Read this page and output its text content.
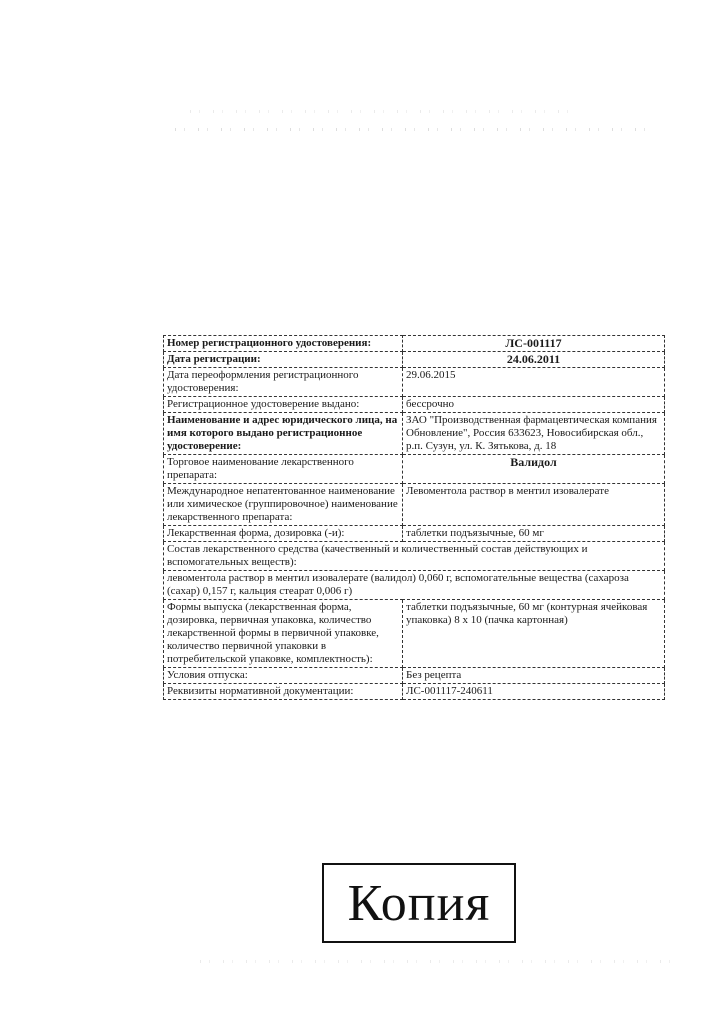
Номер регистрационного удостоверения:	ЛС-001117
Дата регистрации:	24.06.2011
Дата переоформления регистрационного удостоверения:	29.06.2015
Регистрационное удостоверение выдано:	бессрочно
Наименование и адрес юридического лица, на имя которого выдано регистрационное удостоверение:	ЗАО "Производственная фармацевтическая компания Обновление", Россия 633623, Новосибирская обл., р.п. Сузун, ул. К. Зятькова, д. 18
Торговое наименование лекарственного препарата:	Валидол
Международное непатентованное наименование или химическое (группировочное) наименование лекарственного препарата:	Левоментола раствор в ментил изовалерате
Лекарственная форма, дозировка (-и):	таблетки подъязычные, 60 мг
Состав лекарственного средства (качественный и количественный состав действующих и вспомогательных веществ):	
левоментола раствор в ментил изовалерате (валидол) 0,060 г, вспомогательные вещества (сахароза (сахар) 0,157 г, кальция стеарат 0,006 г)	
Формы выпуска (лекарственная форма, дозировка, первичная упаковка, количество лекарственной формы в первичной упаковке, количество первичной упаковки в потребительской упаковке, комплектность):	таблетки подъязычные, 60 мг (контурная ячейковая упаковка) 8 х 10 (пачка картонная)
Условия отпуска:	Без рецепта
Реквизиты нормативной документации:	ЛС-001117-240611
Копия
